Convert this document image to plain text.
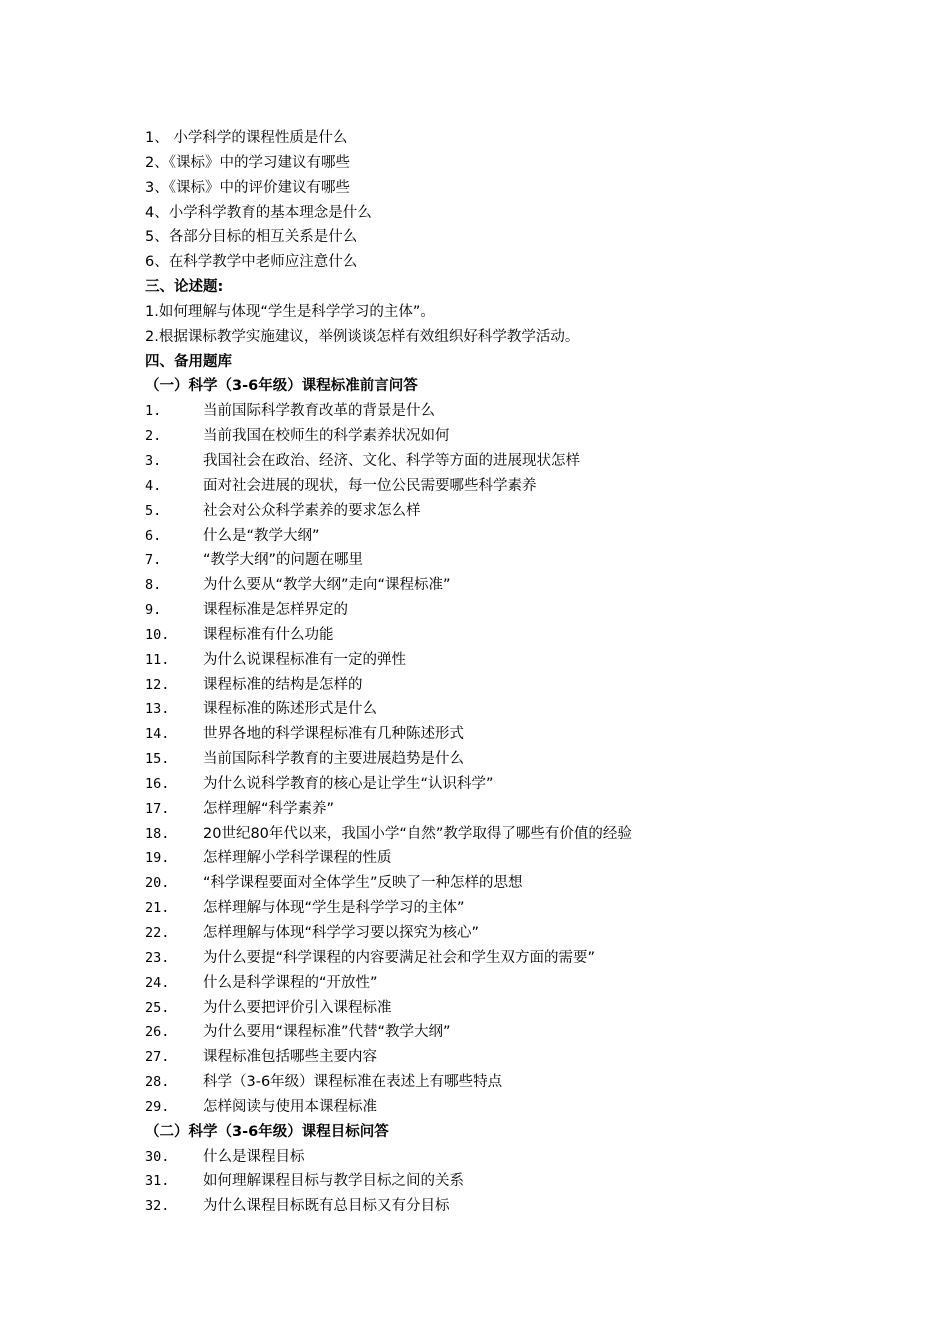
1、 小学科学的课程性质是什么
2、《课标》中的学习建议有哪些
3、《课标》中的评价建议有哪些
4、小学科学教育的基本理念是什么
5、各部分目标的相互关系是什么
6、在科学教学中老师应注意什么
三、论述题:
1.如何理解与体现“学生是科学学习的主体”。
2.根据课标教学实施建议，举例谈谈怎样有效组织好科学教学活动。
四、备用题库
（一）科学（3-6年级）课程标准前言问答
1.	当前国际科学教育改革的背景是什么
2.	当前我国在校师生的科学素养状况如何
3.	我国社会在政治、经济、文化、科学等方面的进展现状怎样
4.	面对社会进展的现状，每一位公民需要哪些科学素养
5.	社会对公众科学素养的要求怎么样
6.	什么是“教学大纲”
7.	“教学大纲”的问题在哪里
8.	为什么要从“教学大纲”走向“课程标准”
9.	课程标准是怎样界定的
10. 课程标准有什么功能
11. 为什么说课程标准有一定的弹性
12. 课程标准的结构是怎样的
13. 课程标准的陈述形式是什么
14. 世界各地的科学课程标准有几种陈述形式
15. 当前国际科学教育的主要进展趋势是什么
16. 为什么说科学教育的核心是让学生“认识科学”
17. 怎样理解“科学素养”
18. 20世纪80年代以来，我国小学“自然”教学取得了哪些有价值的经验
19. 怎样理解小学科学课程的性质
20. “科学课程要面对全体学生”反映了一种怎样的思想
21. 怎样理解与体现“学生是科学学习的主体”
22. 怎样理解与体现“科学学习要以探究为核心”
23. 为什么要提“科学课程的内容要满足社会和学生双方面的需要”
24. 什么是科学课程的“开放性”
25. 为什么要把评价引入课程标准
26. 为什么要用“课程标准”代替“教学大纲”
27. 课程标准包括哪些主要内容
28. 科学（3-6年级）课程标准在表述上有哪些特点
29. 怎样阅读与使用本课程标准
（二）科学（3-6年级）课程目标问答
30. 什么是课程目标
31. 如何理解课程目标与教学目标之间的关系
32. 为什么课程目标既有总目标又有分目标
